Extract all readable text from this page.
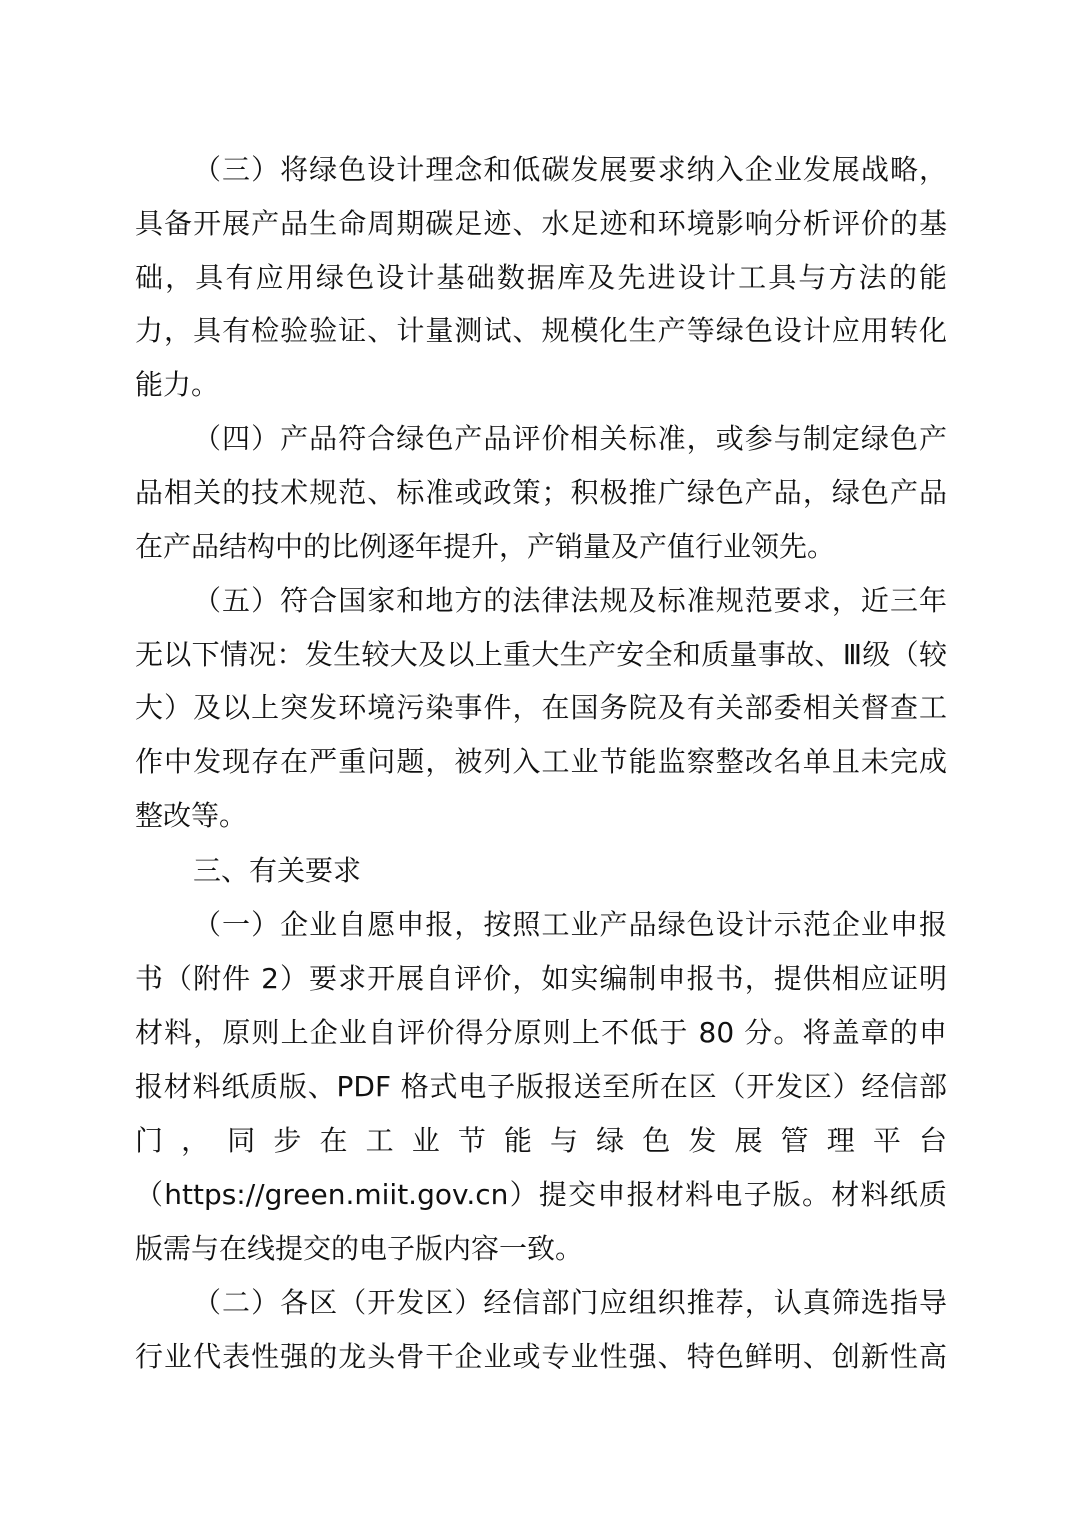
（三）将绿色设计理念和低碳发展要求纳入企业发展战略，
具备开展产品生命周期碳足迹、水足迹和环境影响分析评价的基
础，具有应用绿色设计基础数据库及先进设计工具与方法的能
力，具有检验验证、计量测试、规模化生产等绿色设计应用转化
能力。
（四）产品符合绿色产品评价相关标准，或参与制定绿色产
品相关的技术规范、标准或政策；积极推广绿色产品，绿色产品
在产品结构中的比例逐年提升，产销量及产值行业领先。
（五）符合国家和地方的法律法规及标准规范要求，近三年
无以下情况：发生较大及以上重大生产安全和质量事故、Ⅲ级（较
大）及以上突发环境污染事件，在国务院及有关部委相关督查工
作中发现存在严重问题，被列入工业节能监察整改名单且未完成
整改等。
三、有关要求
（一）企业自愿申报，按照工业产品绿色设计示范企业申报
书（附件 2）要求开展自评价，如实编制申报书，提供相应证明
材料，原则上企业自评价得分原则上不低于 80 分。将盖章的申
报材料纸质版、PDF 格式电子版报送至所在区（开发区）经信部
门 ， 同 步 在 工 业 节 能 与 绿 色 发 展 管 理 平 台
（https://green.miit.gov.cn）提交申报材料电子版。材料纸质
版需与在线提交的电子版内容一致。
（二）各区（开发区）经信部门应组织推荐，认真筛选指导
行业代表性强的龙头骨干企业或专业性强、特色鲜明、创新性高
